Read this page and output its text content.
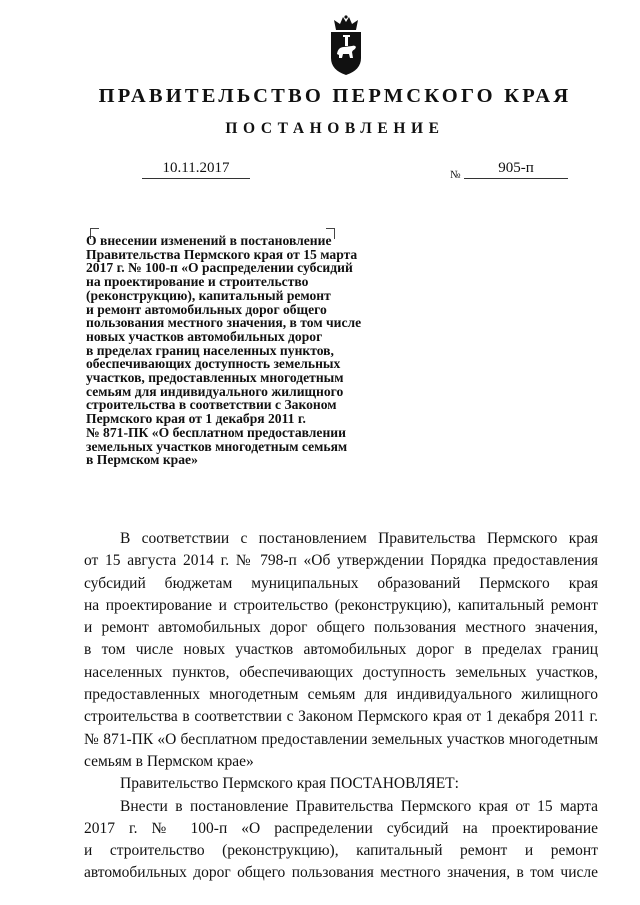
ПРАВИТЕЛЬСТВО ПЕРМСКОГО КРАЯ
ПОСТАНОВЛЕНИЕ
10.11.2017	№	905-п
О внесении изменений в постановление
Правительства Пермского края от 15 марта
2017 г. № 100-п «О распределении субсидий
на проектирование и строительство
(реконструкцию), капитальный ремонт
и ремонт автомобильных дорог общего
пользования местного значения, в том числе
новых участков автомобильных дорог
в пределах границ населенных пунктов,
обеспечивающих доступность земельных
участков, предоставленных многодетным
семьям для индивидуального жилищного
строительства в соответствии с Законом
Пермского края от 1 декабря 2011 г.
№ 871-ПК «О бесплатном предоставлении
земельных участков многодетным семьям
в Пермском крае»
В соответствии с постановлением Правительства Пермского края
от 15 августа 2014 г. № 798-п «Об утверждении Порядка предоставления
субсидий бюджетам муниципальных образований Пермского края
на проектирование и строительство (реконструкцию), капитальный ремонт
и ремонт автомобильных дорог общего пользования местного значения,
в том числе новых участков автомобильных дорог в пределах границ
населенных пунктов, обеспечивающих доступность земельных участков,
предоставленных многодетным семьям для индивидуального жилищного
строительства в соответствии с Законом Пермского края от 1 декабря 2011 г.
№ 871-ПК «О бесплатном предоставлении земельных участков многодетным
семьям в Пермском крае»
Правительство Пермского края ПОСТАНОВЛЯЕТ:
Внести в постановление Правительства Пермского края от 15 марта
2017 г. № 100-п «О распределении субсидий на проектирование
и строительство (реконструкцию), капитальный ремонт и ремонт
автомобильных дорог общего пользования местного значения, в том числе
